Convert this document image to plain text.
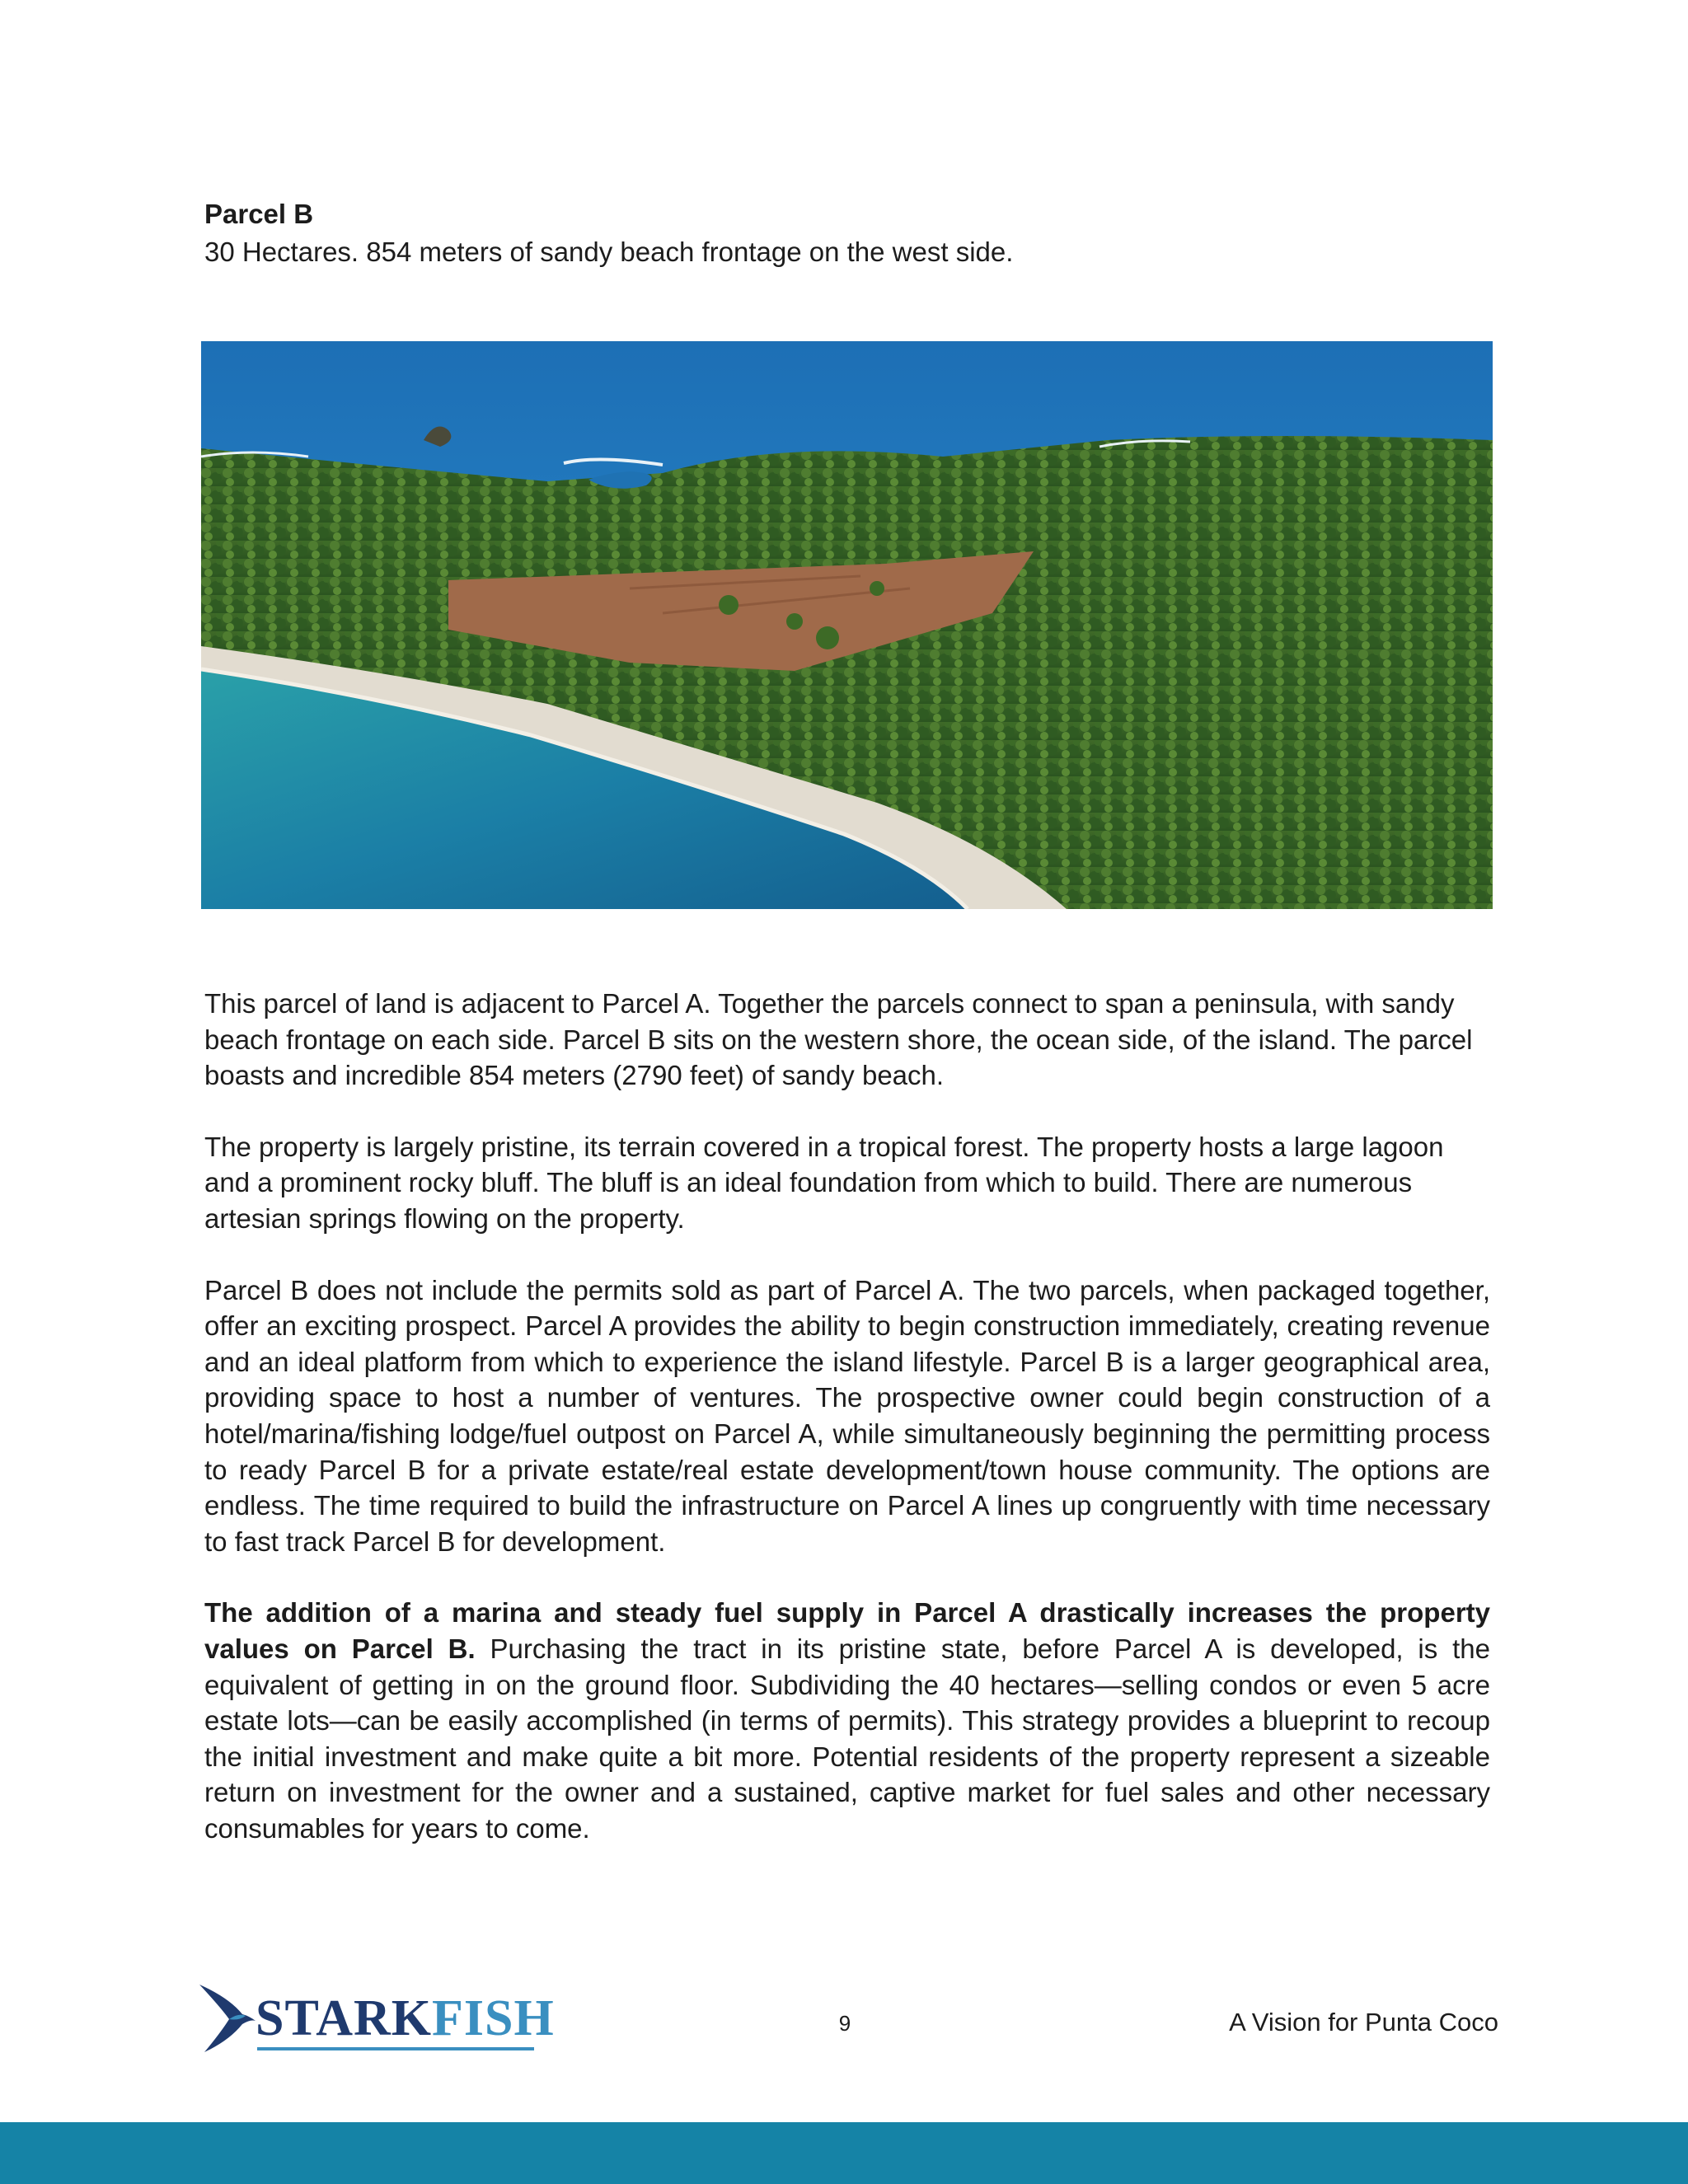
Parcel B

30 Hectares. 854 meters of sandy beach frontage on the west side.

This parcel of land is adjacent to Parcel A. Together the parcels connect to span a peninsula, with sandy beach frontage on each side. Parcel B sits on the western shore, the ocean side, of the island. The parcel boasts and incredible 854 meters (2790 feet) of sandy beach.

The property is largely pristine, its terrain covered in a tropical forest. The property hosts a large lagoon and a prominent rocky bluff. The bluff is an ideal foundation from which to build. There are numerous artesian springs flowing on the property.

Parcel B does not include the permits sold as part of Parcel A. The two parcels, when packaged together, offer an exciting prospect. Parcel A provides the ability to begin construction immediately, creating revenue and an ideal platform from which to experience the island lifestyle. Parcel B is a larger geographical area, providing space to host a number of ventures. The prospective owner could begin construction of a hotel/marina/fishing lodge/fuel outpost on Parcel A, while simultaneously beginning the permitting process to ready Parcel B for a private estate/real estate development/town house community. The options are endless. The time required to build the infrastructure on Parcel A lines up congruently with time necessary to fast track Parcel B for development.

The addition of a marina and steady fuel supply in Parcel A drastically increases the property values on Parcel B. Purchasing the tract in its pristine state, before Parcel A is developed, is the equivalent of getting in on the ground floor. Subdividing the 40 hectares—selling condos or even 5 acre estate lots—can be easily accomplished (in terms of permits). This strategy provides a blueprint to recoup the initial investment and make quite a bit more. Potential residents of the property represent a sizeable return on investment for the owner and a sustained, captive market for fuel sales and other necessary consumables for years to come.

STARKFISH	9	A Vision for Punta Coco
